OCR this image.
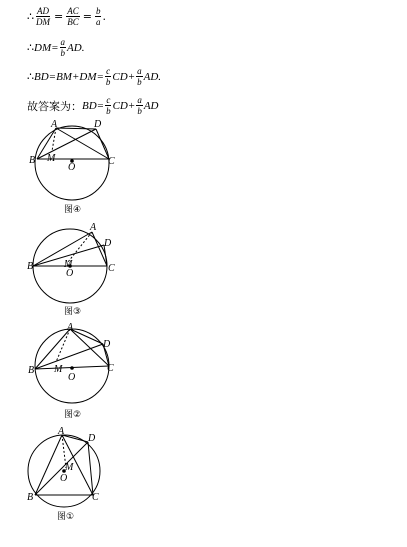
∴ $\frac{AD}{DM} = \frac{AC}{BC} = \frac{b}{a}$ .
∴ $DM= \frac{a}{b}$ AD.
∴ $BD=BM+DM= \frac{c}{b} CD+ \frac{a}{b}$ AD.
故答案为： $BD= \frac{c}{b} CD+ \frac{a}{b}$ AD
A	D
B M
O
C
图④
A
D
B	M
O	C
图③
A
D
B M
O
C
图②
A
D
B
M
O
C
图①
